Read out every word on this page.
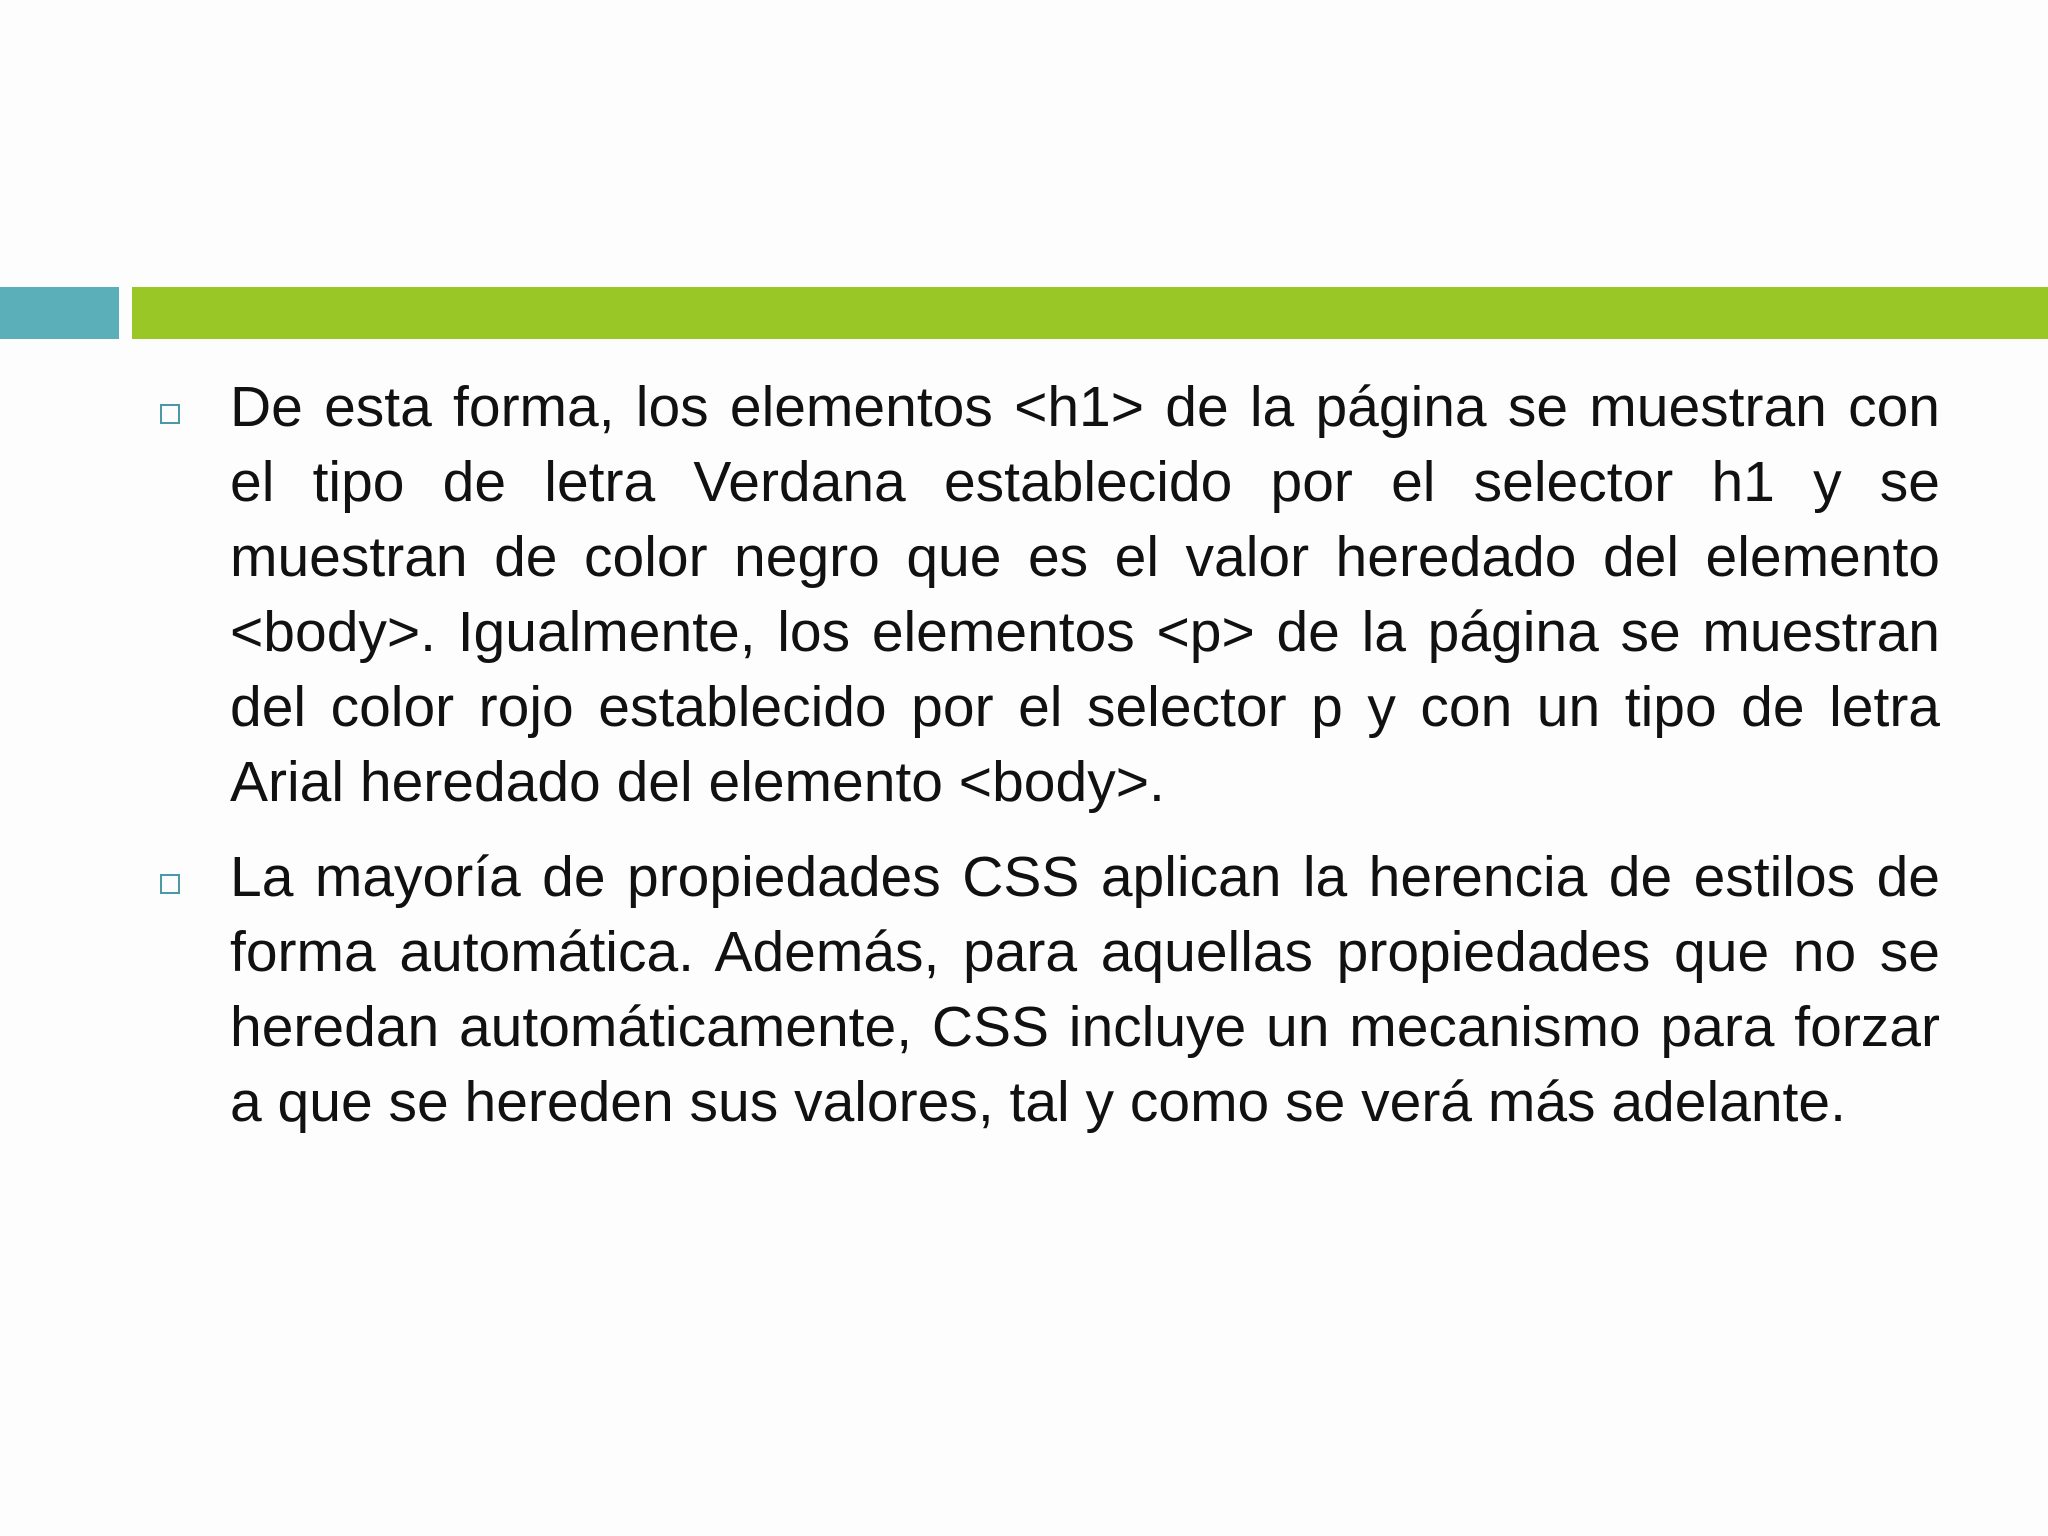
De esta forma, los elementos <h1> de la página se muestran con el tipo de letra Verdana establecido por el selector h1 y se muestran de color negro que es el valor heredado del elemento <body>. Igualmente, los elementos <p> de la página se muestran del color rojo establecido por el selector p y con un tipo de letra Arial heredado del elemento <body>.

La mayoría de propiedades CSS aplican la herencia de estilos de forma automática. Además, para aquellas propiedades que no se heredan automáticamente, CSS incluye un mecanismo para forzar a que se hereden sus valores, tal y como se verá más adelante.
